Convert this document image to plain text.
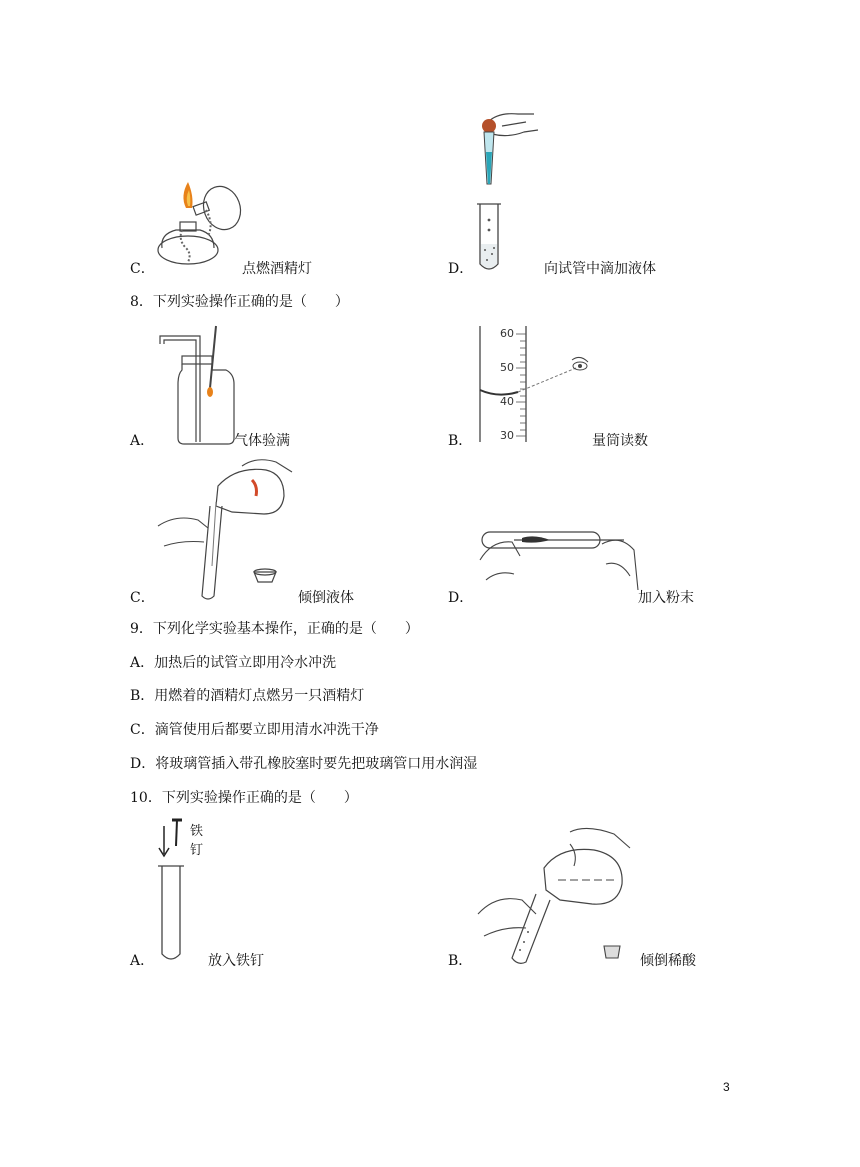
C．	点燃酒精灯	D．	向试管中滴加液体
8．下列实验操作正确的是（　　）
A．	气体验满
60
50
40
30
B．	量筒读数
C．	倾倒液体	D．	加入粉末
9．下列化学实验基本操作，正确的是（　　）
A．加热后的试管立即用冷水冲洗
B．用燃着的酒精灯点燃另一只酒精灯
C．滴管使用后都要立即用清水冲洗干净
D．将玻璃管插入带孔橡胶塞时要先把玻璃管口用水润湿
10．下列实验操作正确的是（　　）
铁
钉
A．	放入铁钉	B．	倾倒稀酸
3
